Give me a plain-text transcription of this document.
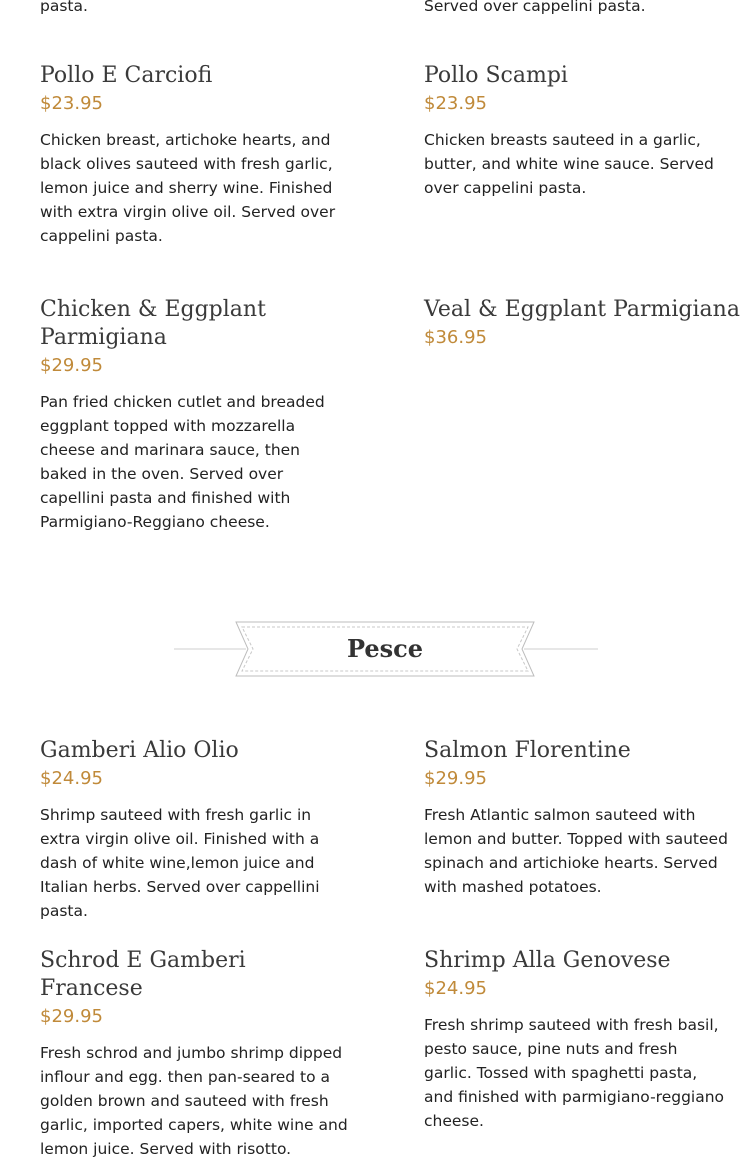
pasta.	Served over cappelini pasta.
Pollo E Carciofi
$23.95
Chicken breast, artichoke hearts, and black olives sauteed with fresh garlic, lemon juice and sherry wine. Finished with extra virgin olive oil. Served over cappelini pasta.
Pollo Scampi
$23.95
Chicken breasts sauteed in a garlic, butter, and white wine sauce. Served over cappelini pasta.
Chicken & Eggplant Parmigiana
$29.95
Pan fried chicken cutlet and breaded eggplant topped with mozzarella cheese and marinara sauce, then baked in the oven. Served over capellini pasta and finished with Parmigiano-Reggiano cheese.
Veal & Eggplant Parmigiana
$36.95
Pesce
Gamberi Alio Olio
$24.95
Shrimp sauteed with fresh garlic in extra virgin olive oil. Finished with a dash of white wine,lemon juice and Italian herbs. Served over cappellini pasta.
Salmon Florentine
$29.95
Fresh Atlantic salmon sauteed with lemon and butter. Topped with sauteed spinach and artichioke hearts. Served with mashed potatoes.
Schrod E Gamberi Francese
$29.95
Fresh schrod and jumbo shrimp dipped inflour and egg. then pan-seared to a golden brown and sauteed with fresh garlic, imported capers, white wine and lemon juice. Served with risotto.
Shrimp Alla Genovese
$24.95
Fresh shrimp sauteed with fresh basil, pesto sauce, pine nuts and fresh garlic. Tossed with spaghetti pasta, and finished with parmigiano-reggiano cheese.
